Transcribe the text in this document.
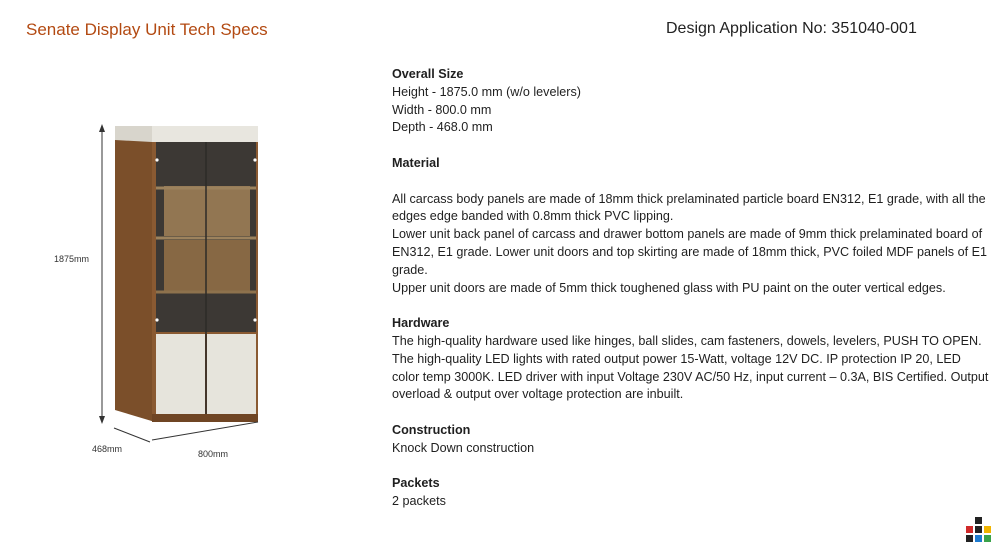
Senate Display Unit Tech Specs	Design Application No: 351040-001
1875mm
468mm	800mm

Overall Size

Height - 1875.0 mm (w/o levelers)

Width - 800.0 mm

Depth - 468.0 mm

Material

All carcass body panels are made of 18mm thick prelaminated particle board EN312, E1 grade, with all the edges edge banded with 0.8mm thick PVC lipping.

Lower unit back panel of carcass and drawer bottom panels are made of 9mm thick prelaminated board of EN312, E1 grade. Lower unit doors and top skirting are made of 18mm thick, PVC foiled MDF panels of E1 grade.

Upper unit doors are made of 5mm thick toughened glass with PU paint on the outer vertical edges.

Hardware

The high-quality hardware used like hinges, ball slides, cam fasteners, dowels, levelers, PUSH TO OPEN. The high-quality LED lights with rated output power 15-Watt, voltage 12V DC. IP protection IP 20, LED color temp 3000K. LED driver with input Voltage 230V AC/50 Hz, input current – 0.3A, BIS Certified. Output overload & output over voltage protection are inbuilt.

Construction

Knock Down construction

Packets

2 packets
